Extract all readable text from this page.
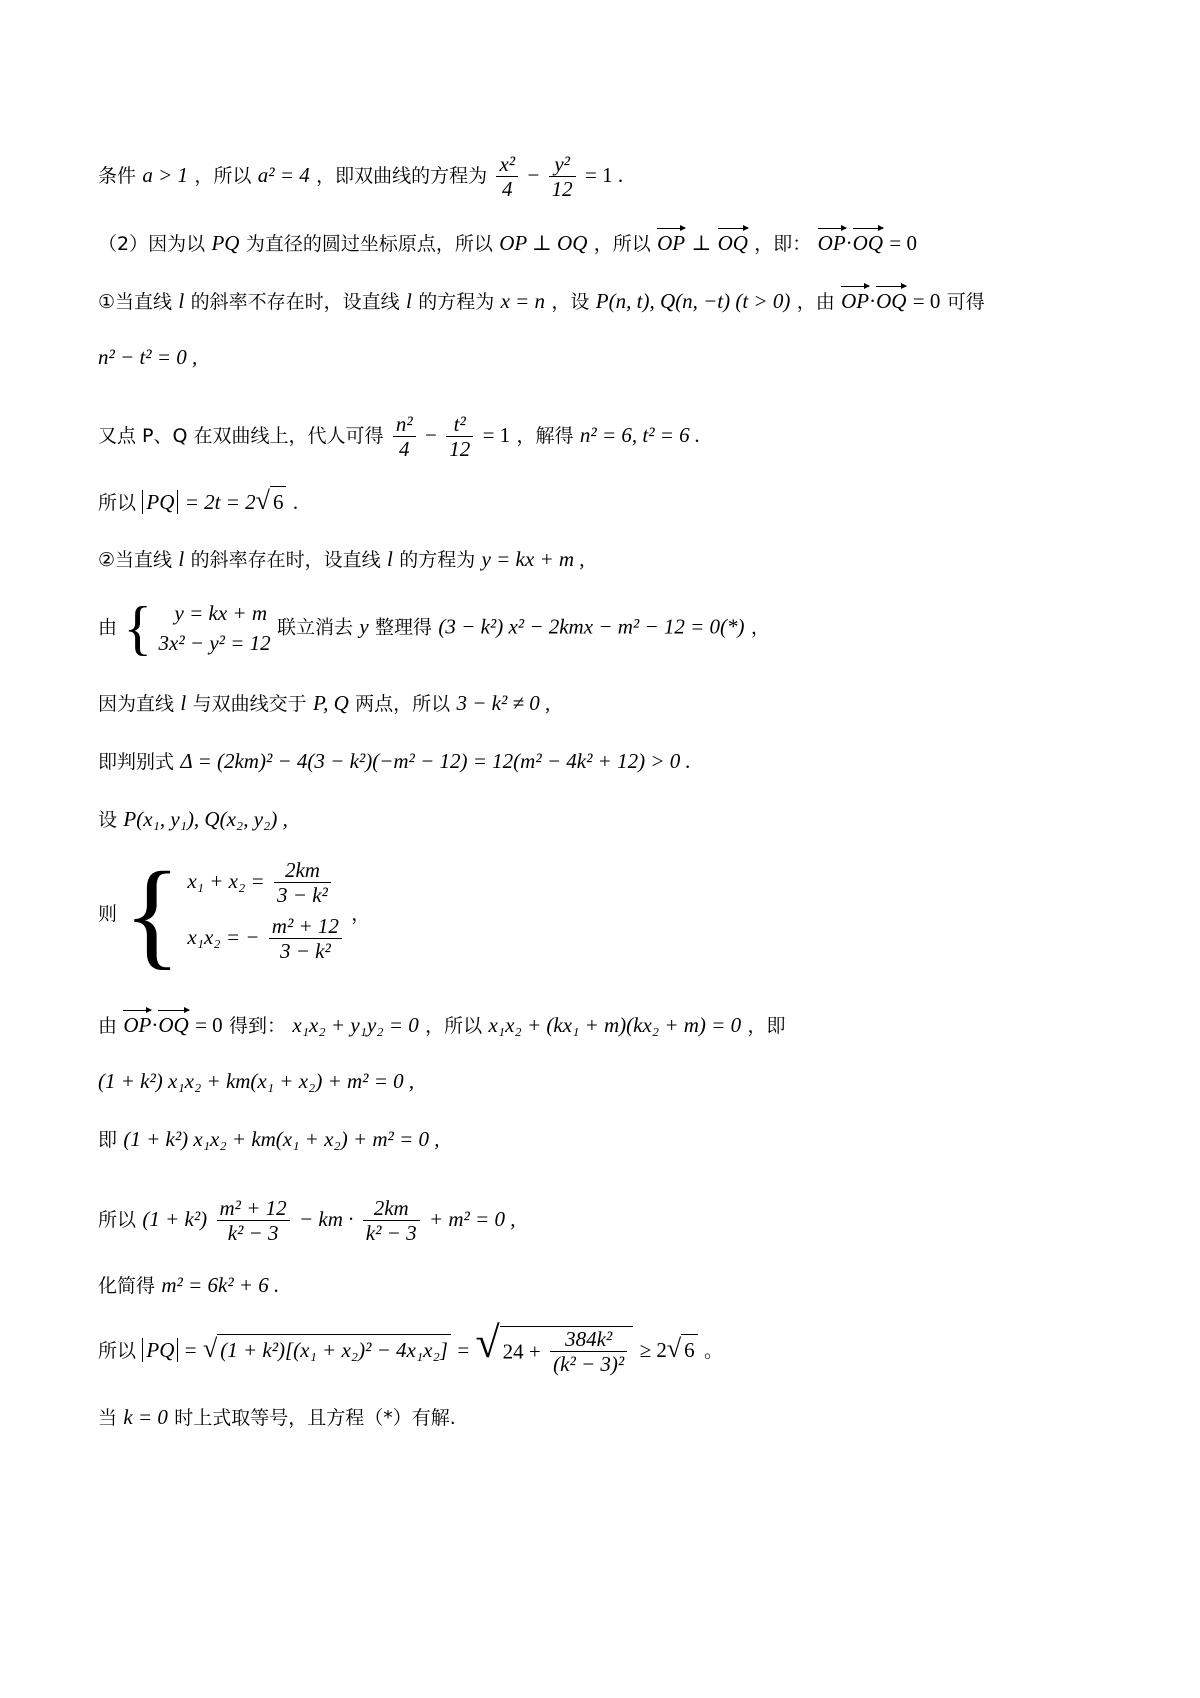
条件 a > 1 ，所以 a² = 4 ，即双曲线的方程为 $\frac{\text{x²}}{4} - \frac{\text{y²}}{12} = 1$ .
（2）因为以 PQ 为直径的圆过坐标原点，所以 OP ⊥ OQ ，所以 OP ⊥ OQ ，即： OP·OQ = 0
①当直线 l 的斜率不存在时，设直线 l 的方程为 x = n ，设 P(n, t), Q(n, −t) (t > 0) ，由 OP·OQ = 0 可得
n² − t² = 0 ,
又点 P、Q 在双曲线上，代人可得 $\frac{\text{n²}}{4} - \frac{\text{t²}}{12} = 1$ ，解得 n² = 6, t² = 6 .
所以 PQ = 2t = 2√ 6 .
②当直线 l 的斜率存在时，设直线 l 的方程为 y = kx + m ,
由 {	y = kx + m
3x² − y² = 12
联立消去 y 整理得 (3 − k²) x² − 2kmx − m² − 12 = 0(*) ，
因为直线 l 与双曲线交于 P, Q 两点，所以 3 − k² ≠ 0 ,
即判别式 Δ = (2km)² − 4(3 − k²)(−m² − 12) = 12(m² − 4k² + 12) > 0 .
设 P(x₁, y₁), Q(x₂, y₂) ,
则 { $x_1 + x_2 = \frac{2km}{\text{3 − k²}}$
x₁x₂ = − $\frac{\text{m² + 12}}{\text{3 − k²}}$ ，
由 OP·OQ = 0 得到： x₁x₂ + y₁y₂ = 0 ，所以 x₁x₂ + (kx₁ + m)(kx₂ + m) = 0 ，即
(1 + k²) x₁x₂ + km(x₁ + x₂) + m² = 0 ,
即 (1 + k²) x₁x₂ + km(x₁ + x₂) + m² = 0 ,
所以 $(1 + k^2) \frac{\text{m² + 12}}{\text{k² − 3}}$ − km · $\frac{2km}{\text{k² − 3}} + m^2 = 0$ ,
化简得 m² = 6k² + 6 .
所以 PQ = √ (1 + k²)[(x₁ + x₂)² − 4x₁x₂] = √ $24 + \frac{\text{384k²}}{\text{(k² − 3)²}} \ge 2√$ 6 。
当 k = 0 时上式取等号，且方程（*）有解.
